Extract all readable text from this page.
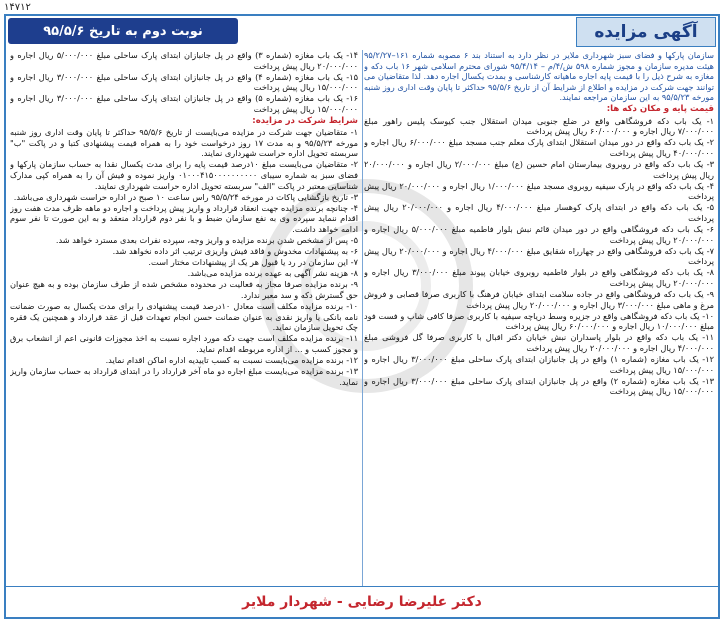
۱۴۷۱۲
آگهی مزایده
نوبت دوم به تاریخ ۹۵/۵/۶

سازمان پارکها و فضای سبز شهرداری ملایر در نظر دارد به استناد بند ۶ مصوبه شماره ۱۶۱–۹۵/۲/۲۷ هیئت مدیره سازمان و مجوز شماره ۵۹۸ ش/۴/م – ۹۵/۴/۱۴ شورای محترم اسلامی شهر ۱۶ باب دکه و مغازه به شرح ذیل را با قیمت پایه اجاره ماهیانه کارشناسی و بمدت یکسال اجاره دهد. لذا متقاضیان می توانند جهت شرکت در مزایده و اطلاع از شرایط آن از تاریخ ۹۵/۵/۶ حداکثر تا پایان وقت اداری روز شنبه مورخه ۹۵/۵/۲۳ به این سازمان مراجعه نمایند.

قیمت پایه و مکان دکه ها:

۱- یک باب دکه فروشگاهی واقع در ضلع جنوبی میدان استقلال جنب کیوسک پلیس راهور مبلغ ۷/۰۰۰/۰۰۰ ریال اجاره و ۶۰/۰۰۰/۰۰۰ ریال پیش پرداخت

۲- یک باب دکه واقع در دور میدان استقلال ابتدای پارک معلم جنب مسجد مبلغ ۶/۰۰۰/۰۰۰ ریال اجاره و ۴۰/۰۰۰/۰۰۰ ریال پیش پرداخت

۳- یک باب دکه واقع در روبروی بیمارستان امام حسین (ع) مبلغ ۲/۰۰۰/۰۰۰ ریال اجاره و ۲۰/۰۰۰/۰۰۰ ریال پیش پرداخت

۴- یک باب دکه واقع در پارک سیفیه روبروی مسجد مبلغ ۱/۰۰۰/۰۰۰ ریال اجاره و ۲۰/۰۰۰/۰۰۰ ریال پیش پرداخت

۵- یک باب دکه واقع در ابتدای پارک کوهسار مبلغ ۴/۰۰۰/۰۰۰ ریال اجاره و ۲۰/۰۰۰/۰۰۰ ریال پیش پرداخت

۶- یک باب دکه فروشگاهی واقع در دور میدان قائم نبش بلوار فاطمیه مبلغ ۵/۰۰۰/۰۰۰ ریال اجاره و ۲۰/۰۰۰/۰۰۰ ریال پیش پرداخت

۷- یک باب دکه فروشگاهی واقع در چهارراه شقایق مبلغ ۴/۰۰۰/۰۰۰ ریال اجاره و ۲۰/۰۰۰/۰۰۰ ریال پیش پرداخت

۸- یک باب دکه فروشگاهی واقع در بلوار فاطمیه روبروی خیابان پیوند مبلغ ۳/۰۰۰/۰۰۰ ریال اجاره و ۲۰/۰۰۰/۰۰۰ ریال پیش پرداخت

۹- یک باب دکه فروشگاهی واقع در جاده سلامت ابتدای خیابان فرهنگ با کاربری صرفا قصابی و فروش مرغ و ماهی مبلغ ۳/۰۰۰/۰۰۰ ریال اجاره و ۲۰/۰۰۰/۰۰۰ ریال پیش پرداخت

۱۰- یک باب دکه فروشگاهی واقع در جزیره وسط دریاچه سیفیه با کاربری صرفا کافی شاپ و فست فود مبلغ ۱۰/۰۰۰/۰۰۰ ریال اجاره و ۶۰/۰۰۰/۰۰۰ ریال پیش پرداخت

۱۱- یک باب دکه واقع در بلوار پاسداران نبش خیابان دکتر اقبال با کاربری صرفا گل فروشی مبلغ ۴/۰۰۰/۰۰۰ ریال اجاره و ۲۰/۰۰۰/۰۰۰ ریال پیش پرداخت

۱۲- یک باب مغازه (شماره ۱) واقع در پل جانبازان ابتدای پارک ساحلی مبلغ ۳/۰۰۰/۰۰۰ ریال اجاره و ۱۵/۰۰۰/۰۰۰ ریال پیش پرداخت

۱۳- یک باب مغازه (شماره ۲) واقع در پل جانبازان ابتدای پارک ساحلی مبلغ ۳/۰۰۰/۰۰۰ ریال اجاره و ۱۵/۰۰۰/۰۰۰ ریال پیش پرداخت

۱۴- یک باب مغازه (شماره ۳) واقع در پل جانبازان ابتدای پارک ساحلی مبلغ ۵/۰۰۰/۰۰۰ ریال اجاره و ۲۰/۰۰۰/۰۰۰ ریال پیش پرداخت

۱۵- یک باب مغازه (شماره ۴) واقع در پل جانبازان ابتدای پارک ساحلی مبلغ ۳/۰۰۰/۰۰۰ ریال اجاره و ۱۵/۰۰۰/۰۰۰ ریال پیش پرداخت

۱۶- یک باب مغازه (شماره ۵) واقع در پل جانبازان ابتدای پارک ساحلی مبلغ ۳/۰۰۰/۰۰۰ ریال اجاره و ۱۵/۰۰۰/۰۰۰ ریال پیش پرداخت

شرایط شرکت در مزایده:

۱- متقاضیان جهت شرکت در مزایده می‌بایست از تاریخ ۹۵/۵/۶ حداکثر تا پایان وقت اداری روز شنبه مورخه ۹۵/۵/۲۳ و به مدت ۱۷ روز درخواست خود را به همراه قیمت پیشنهادی کتبا و در پاکت "ب" سربسته تحویل اداره حراست شهرداری نمایند.

۲- متقاضیان می‌بایست مبلغ ۱۰درصد قیمت پایه را برای مدت یکسال نقدا به حساب سازمان پارکها و فضای سبز به شماره سیبای ۰۱۰۰۰۴۱۵۰۰۰۰۰۰۰۰۰۰ واریز نموده و فیش آن را به همراه کپی مدارک شناسایی معتبر در پاکت "الف" سربسته تحویل اداره حراست شهرداری نمایند.

۳- تاریخ بازگشایی پاکات در مورخه ۹۵/۵/۲۴ راس ساعت ۱۰ صبح در اداره حراست شهرداری می‌باشد.

۴- چنانچه برنده مزایده جهت انعقاد قرارداد و واریز پیش پرداخت و اجاره دو ماهه ظرف مدت هفت روز اقدام ننماید سپرده وی به نفع سازمان ضبط و با نفر دوم قرارداد منعقد و به این صورت تا نفر سوم ادامه خواهد داشت.

۵- پس از مشخص شدن برنده مزایده و واریز وجه، سپرده نفرات بعدی مسترد خواهد شد.

۶- به پیشنهادات مخدوش و فاقد فیش واریزی ترتیب اثر داده نخواهد شد.

۷- این سازمان در رد یا قبول هر یک از پیشنهادات مختار است.

۸- هزینه نشر آگهی به عهده برنده مزایده می‌باشد.

۹- برنده مزایده صرفا مجاز به فعالیت در محدوده مشخص شده از طرف سازمان بوده و به هیچ عنوان حق گسترش دکه و سد معبر ندارد.

۱۰- برنده مزایده مکلف است معادل ۱۰درصد قیمت پیشنهادی را برای مدت یکسال به صورت ضمانت نامه بانکی یا واریز نقدی به عنوان ضمانت حسن انجام تعهدات قبل از عقد قرارداد و همچنین یک فقره چک تحویل سازمان نماید.

۱۱- برنده مزایده مکلف است جهت دکه مورد اجاره نسبت به اخذ مجوزات قانونی اعم از انشعاب برق و مجوز کسب و ... از اداره مربوطه اقدام نماید.

۱۲- برنده مزایده می‌بایست نسبت به کسب تاییدیه اداره اماکن اقدام نماید.

۱۳- برنده مزایده می‌بایست مبلغ اجاره دو ماه آخر قرارداد را در ابتدای قرارداد به حساب سازمان واریز نماید.

دکتر علیرضا رضایی - شهردار ملایر
